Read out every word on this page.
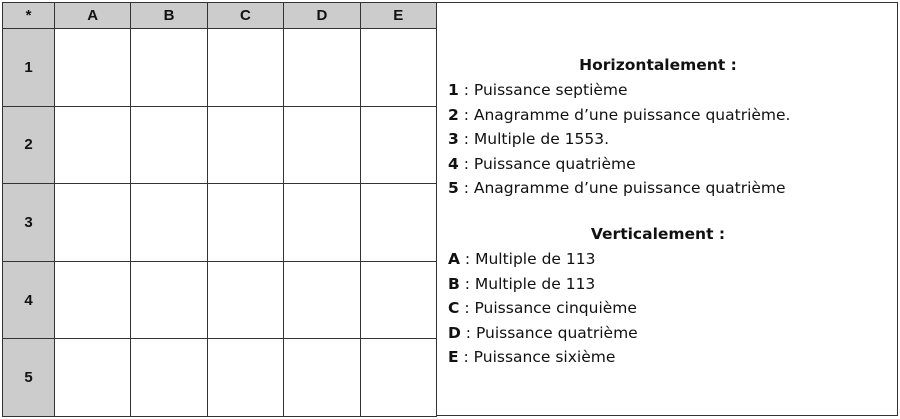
*	A	B	C	D	E
1					
2					
3					
4					
5					
Horizontalement :
1 : Puissance septième
2 : Anagramme d’une puissance quatrième.
3 : Multiple de 1553.
4 : Puissance quatrième
5 : Anagramme d’une puissance quatrième
Verticalement :
A : Multiple de 113
B : Multiple de 113
C : Puissance cinquième
D : Puissance quatrième
E : Puissance sixième
